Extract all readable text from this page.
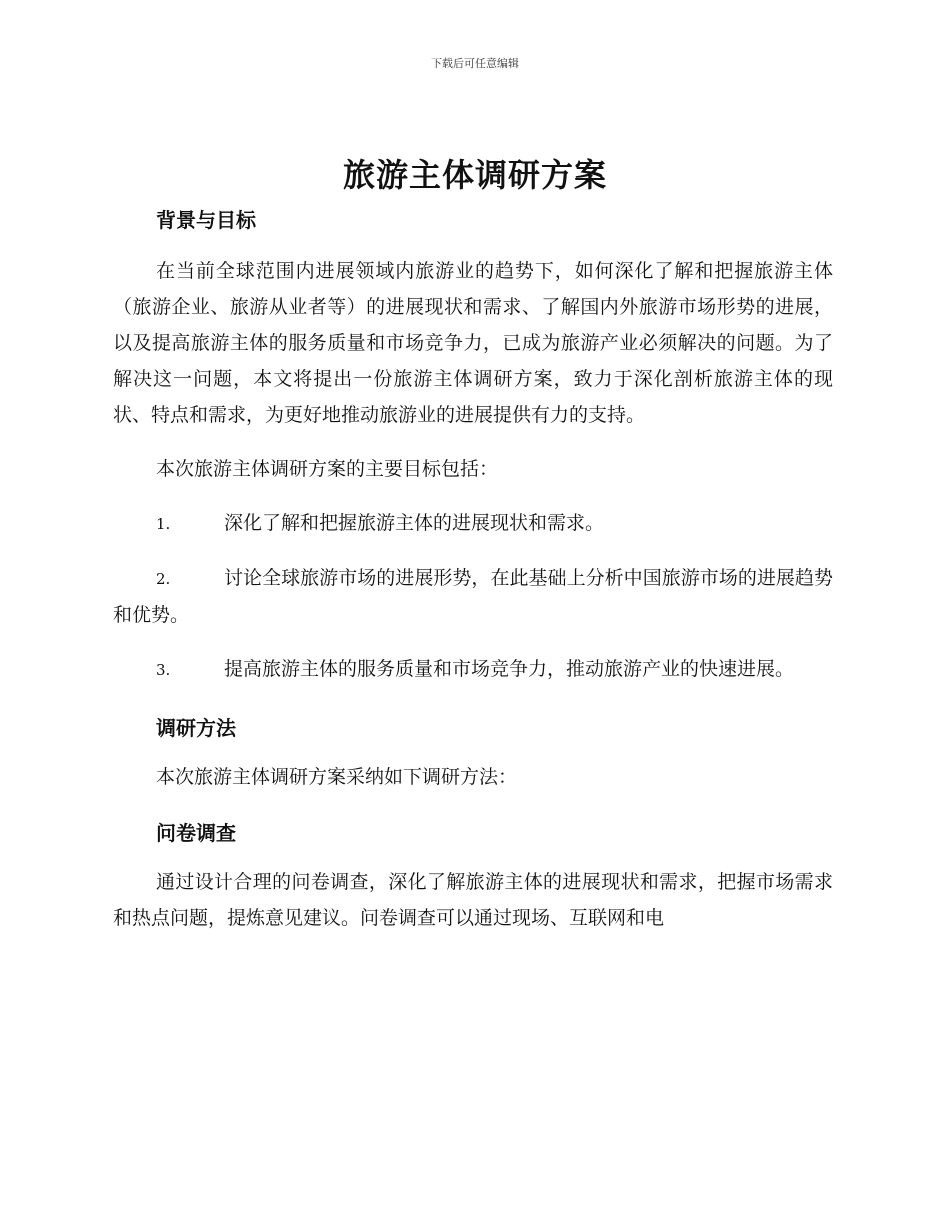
下载后可任意编辑
旅游主体调研方案

背景与目标

在当前全球范围内进展领域内旅游业的趋势下，如何深化了解和把握旅游主体（旅游企业、旅游从业者等）的进展现状和需求、了解国内外旅游市场形势的进展，以及提高旅游主体的服务质量和市场竞争力，已成为旅游产业必须解决的问题。为了解决这一问题，本文将提出一份旅游主体调研方案，致力于深化剖析旅游主体的现状、特点和需求，为更好地推动旅游业的进展提供有力的支持。

本次旅游主体调研方案的主要目标包括：

1.	深化了解和把握旅游主体的进展现状和需求。

2.	讨论全球旅游市场的进展形势，在此基础上分析中国旅游市场的进展趋势和优势。

3.	提高旅游主体的服务质量和市场竞争力，推动旅游产业的快速进展。

调研方法

本次旅游主体调研方案采纳如下调研方法：

问卷调查

通过设计合理的问卷调查，深化了解旅游主体的进展现状和需求，把握市场需求和热点问题，提炼意见建议。问卷调查可以通过现场、互联网和电
